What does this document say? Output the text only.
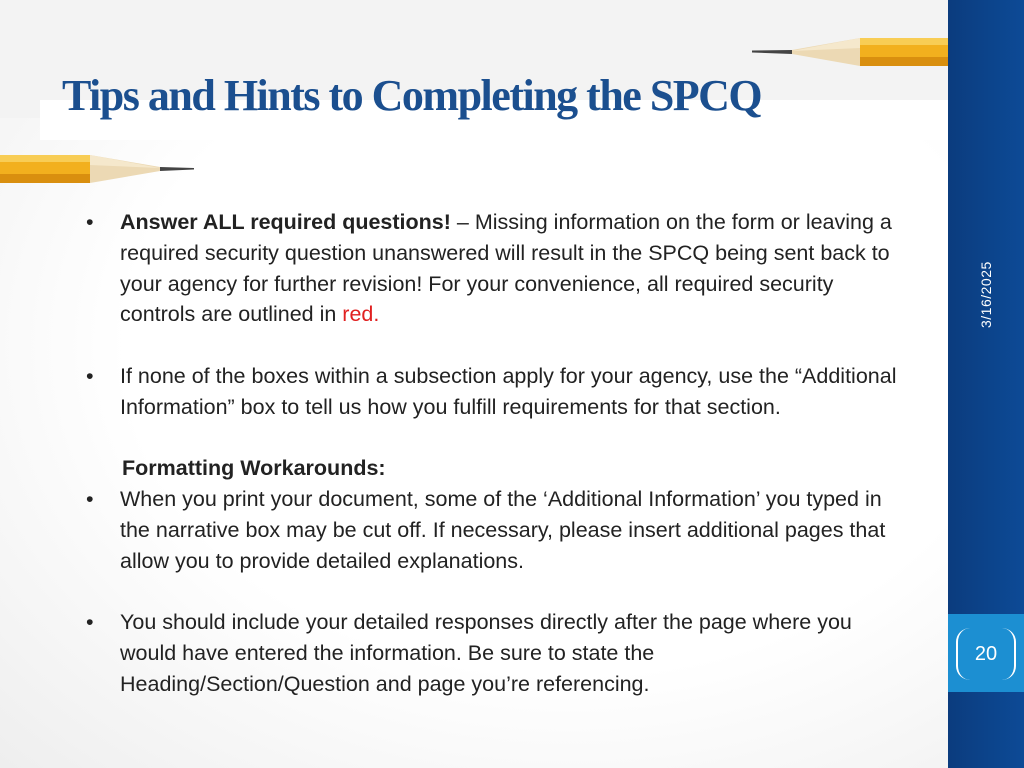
Tips and Hints to Completing the SPCQ

• Answer ALL required questions! – Missing information on the form or leaving a required security question unanswered will result in the SPCQ being sent back to your agency for further revision! For your convenience, all required security controls are outlined in red.

• If none of the boxes within a subsection apply for your agency, use the “Additional Information” box to tell us how you fulfill requirements for that section.

Formatting Workarounds:

• When you print your document, some of the ‘Additional Information’ you typed in the narrative box may be cut off. If necessary, please insert additional pages that allow you to provide detailed explanations.

• You should include your detailed responses directly after the page where you would have entered the information. Be sure to state the Heading/Section/Question and page you’re referencing.

3/16/2025
20
